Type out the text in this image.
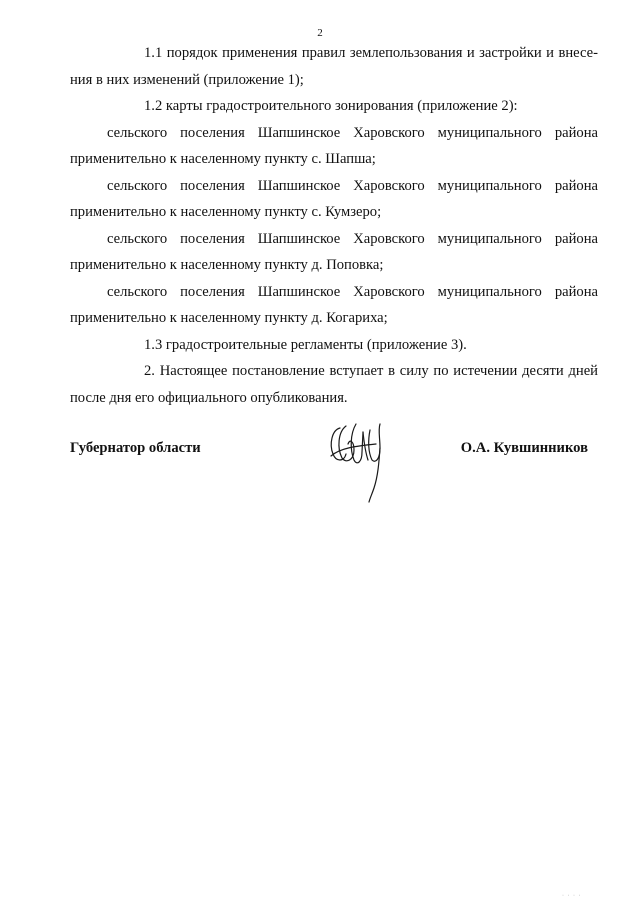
2

1.1 порядок применения правил землепользования и застройки и внесения в них изменений (приложение 1);

1.2 карты градостроительного зонирования (приложение 2):

сельского поселения Шапшинское Харовского муниципального района применительно к населенному пункту с. Шапша;

сельского поселения Шапшинское Харовского муниципального района применительно к населенному пункту с. Кумзеро;

сельского поселения Шапшинское Харовского муниципального района применительно к населенному пункту д. Поповка;

сельского поселения Шапшинское Харовского муниципального района применительно к населенному пункту д. Когариха;

1.3 градостроительные регламенты (приложение 3).

2. Настоящее постановление вступает в силу по истечении десяти дней после дня его официального опубликования.

Губернатор области	О.А. Кувшинников
· · · ·
